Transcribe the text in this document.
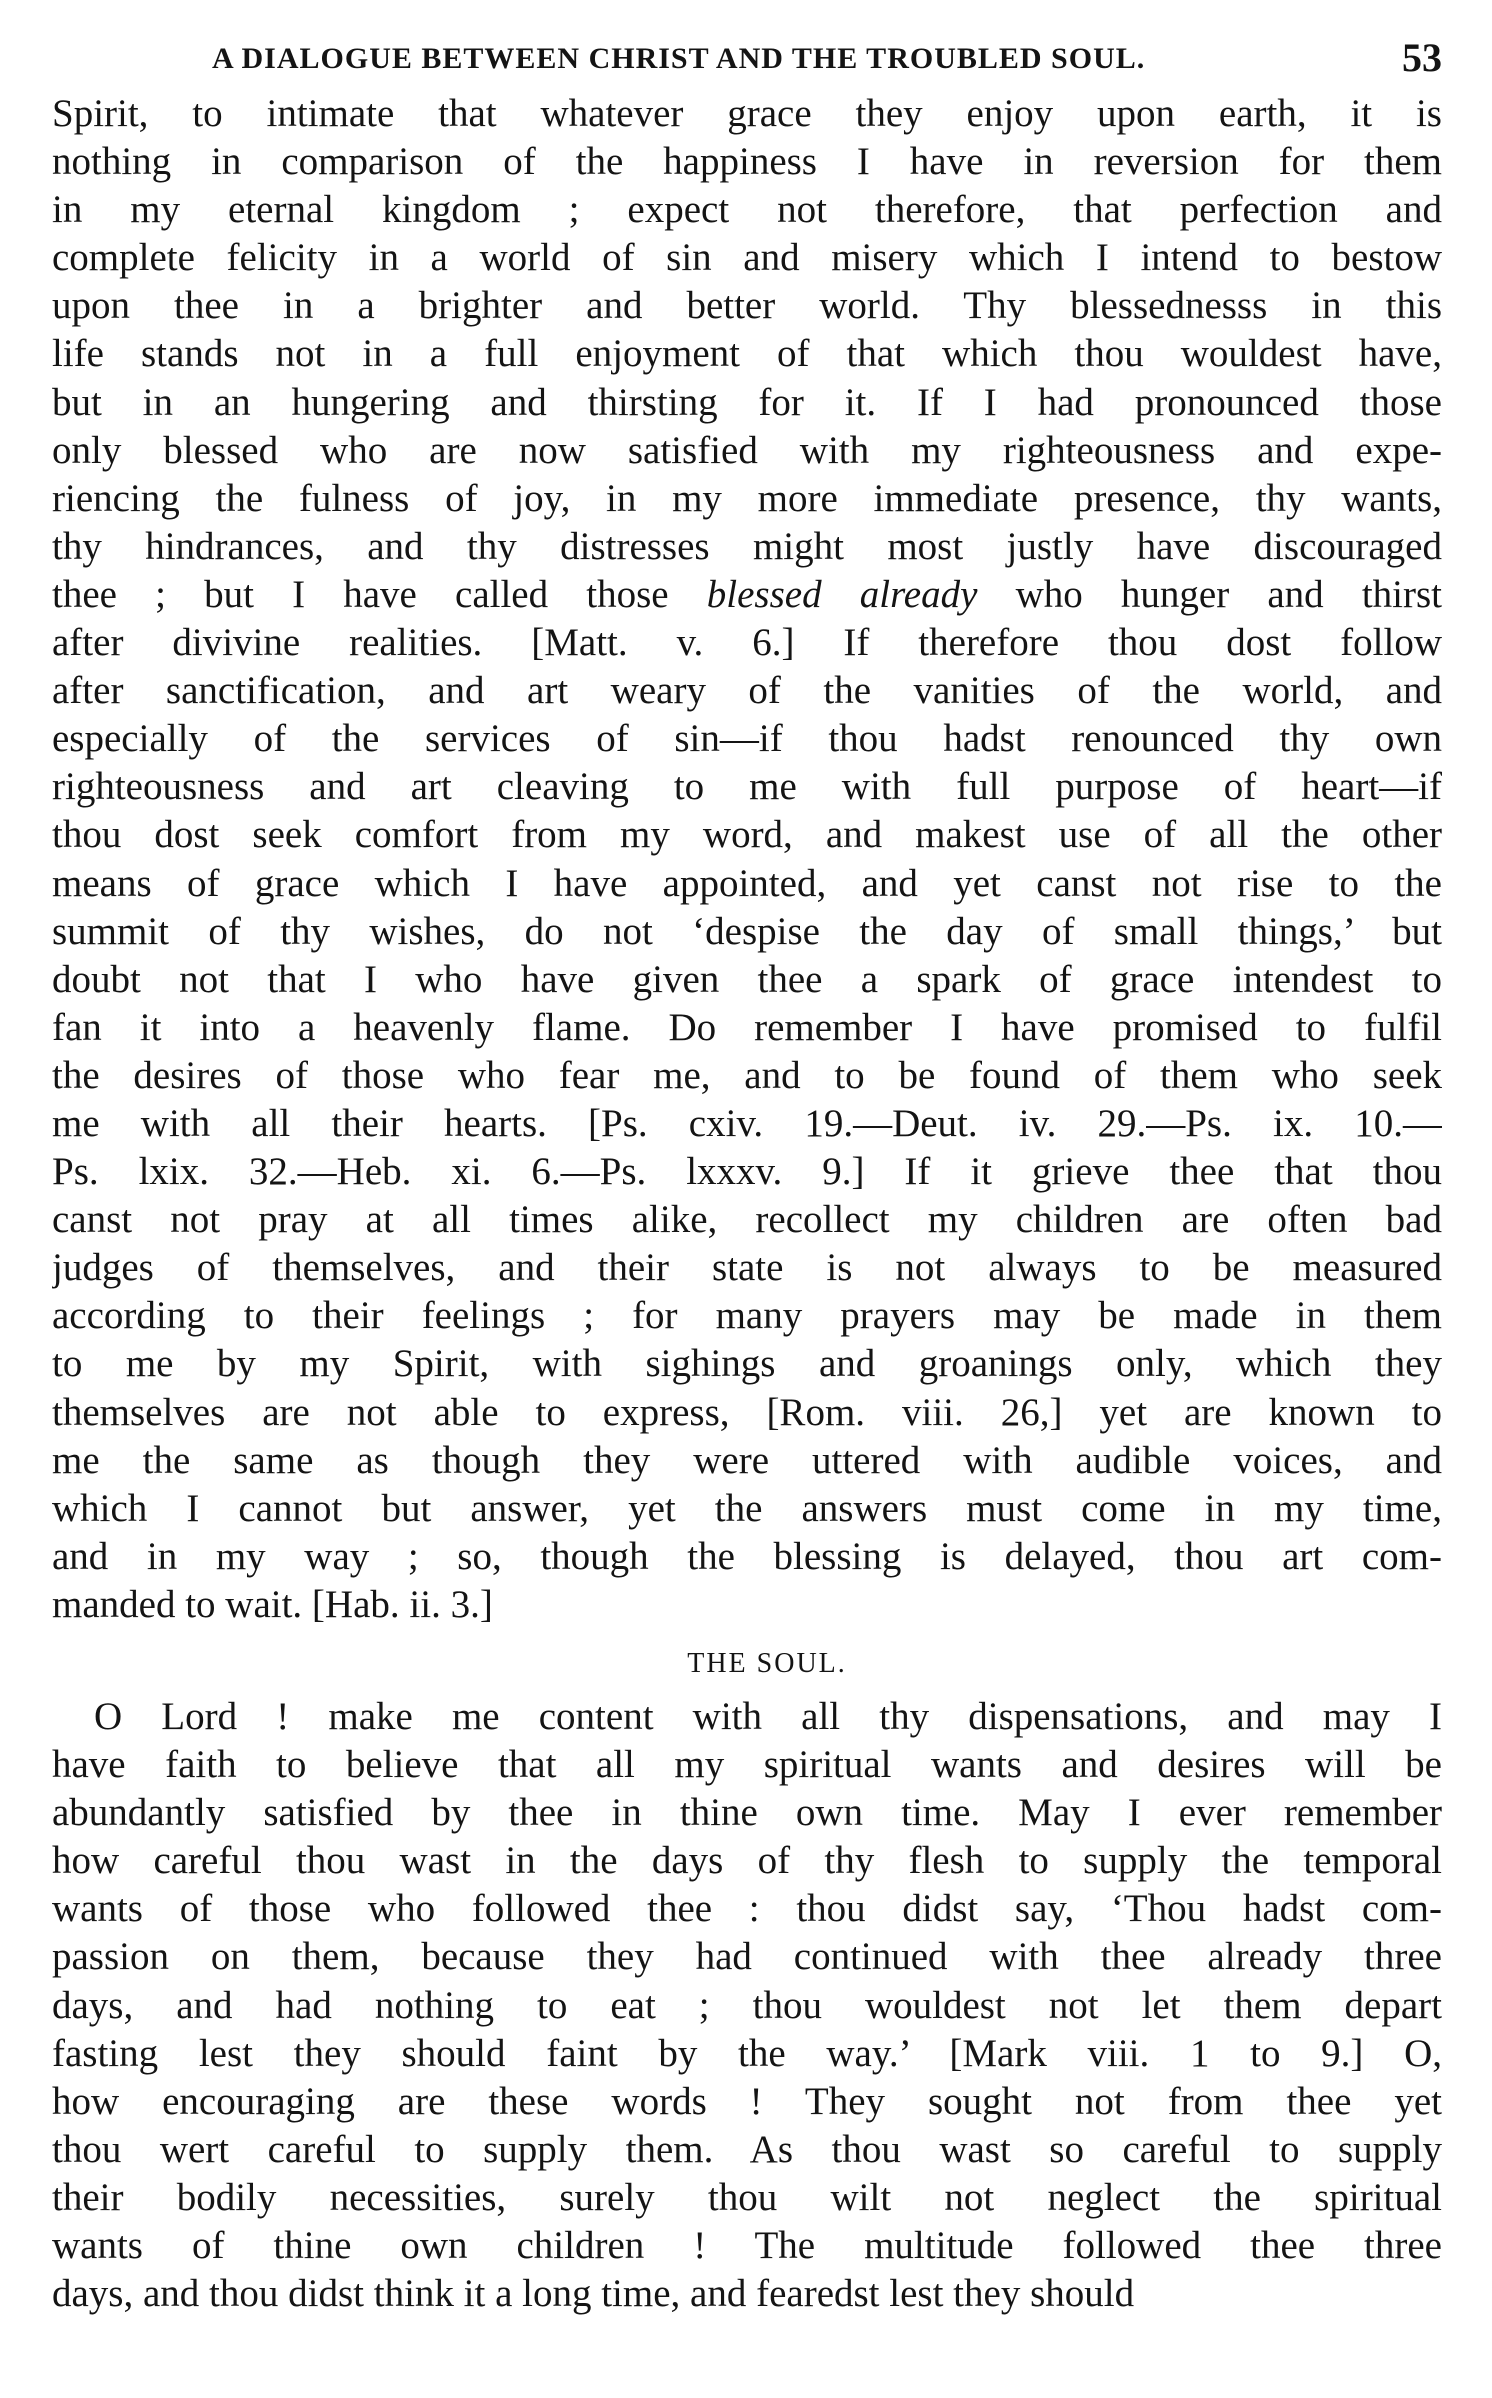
A DIALOGUE BETWEEN CHRIST AND THE TROUBLED SOUL.	53
Spirit, to intimate that whatever grace they enjoy upon earth, it is
nothing in comparison of the happiness I have in reversion for them
in my eternal kingdom ; expect not therefore, that perfection and
complete felicity in a world of sin and misery which I intend to bestow
upon thee in a brighter and better world. Thy blessednesss in this
life stands not in a full enjoyment of that which thou wouldest have,
but in an hungering and thirsting for it. If I had pronounced those
only blessed who are now satisfied with my righteousness and expe-
riencing the fulness of joy, in my more immediate presence, thy wants,
thy hindrances, and thy distresses might most justly have discouraged
thee ; but I have called those blessed already who hunger and thirst
after divivine realities. [Matt. v. 6.] If therefore thou dost follow
after sanctification, and art weary of the vanities of the world, and
especially of the services of sin—if thou hadst renounced thy own
righteousness and art cleaving to me with full purpose of heart—if
thou dost seek comfort from my word, and makest use of all the other
means of grace which I have appointed, and yet canst not rise to the
summit of thy wishes, do not ‘despise the day of small things,’ but
doubt not that I who have given thee a spark of grace intendest to
fan it into a heavenly flame. Do remember I have promised to fulfil
the desires of those who fear me, and to be found of them who seek
me with all their hearts. [Ps. cxiv. 19.—Deut. iv. 29.—Ps. ix. 10.—
Ps. lxix. 32.—Heb. xi. 6.—Ps. lxxxv. 9.] If it grieve thee that thou
canst not pray at all times alike, recollect my children are often bad
judges of themselves, and their state is not always to be measured
according to their feelings ; for many prayers may be made in them
to me by my Spirit, with sighings and groanings only, which they
themselves are not able to express, [Rom. viii. 26,] yet are known to
me the same as though they were uttered with audible voices, and
which I cannot but answer, yet the answers must come in my time,
and in my way ; so, though the blessing is delayed, thou art com-
manded to wait. [Hab. ii. 3.]
THE SOUL.
O Lord ! make me content with all thy dispensations, and may I
have faith to believe that all my spiritual wants and desires will be
abundantly satisfied by thee in thine own time. May I ever remember
how careful thou wast in the days of thy flesh to supply the temporal
wants of those who followed thee : thou didst say, ‘Thou hadst com-
passion on them, because they had continued with thee already three
days, and had nothing to eat ; thou wouldest not let them depart
fasting lest they should faint by the way.’ [Mark viii. 1 to 9.] O,
how encouraging are these words ! They sought not from thee yet
thou wert careful to supply them. As thou wast so careful to supply
their bodily necessities, surely thou wilt not neglect the spiritual
wants of thine own children ! The multitude followed thee three
days, and thou didst think it a long time, and fearedst lest they should
